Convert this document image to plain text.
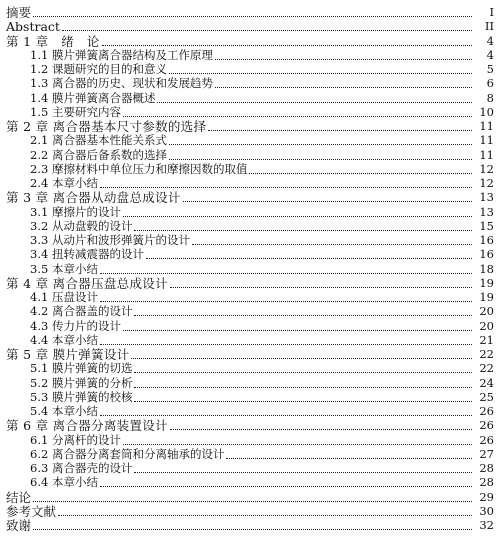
摘要	I
Abstract	II
第 1 章　绪　论	4
1.1 膜片弹簧离合器结构及工作原理	4
1.2 课题研究的目的和意义	5
1.3 离合器的历史、现状和发展趋势	6
1.4 膜片弹簧离合器概述	8
1.5 主要研究内容	10
第 2 章 离合器基本尺寸参数的选择	11
2.1 离合器基本性能关系式	11
2.2 离合器后备系数的选择	11
2.3 摩擦材料中单位压力和摩擦因数的取值	12
2.4 本章小结	12
第 3 章 离合器从动盘总成设计	13
3.1 摩擦片的设计	13
3.2 从动盘毂的设计	15
3.3 从动片和波形弹簧片的设计	16
3.4 扭转减震器的设计	16
3.5 本章小结	18
第 4 章 离合器压盘总成设计	19
4.1 压盘设计	19
4.2 离合器盖的设计	20
4.3 传力片的设计	20
4.4 本章小结	21
第 5 章 膜片弹簧设计	22
5.1 膜片弹簧的切选	22
5.2 膜片弹簧的分析	24
5.3 膜片弹簧的校核	25
5.4 本章小结	26
第 6 章 离合器分离装置设计	26
6.1 分离杆的设计	26
6.2 离合器分离套筒和分离轴承的设计	27
6.3 离合器壳的设计	28
6.4 本章小结	28
结论	29
参考文献	30
致谢	32
